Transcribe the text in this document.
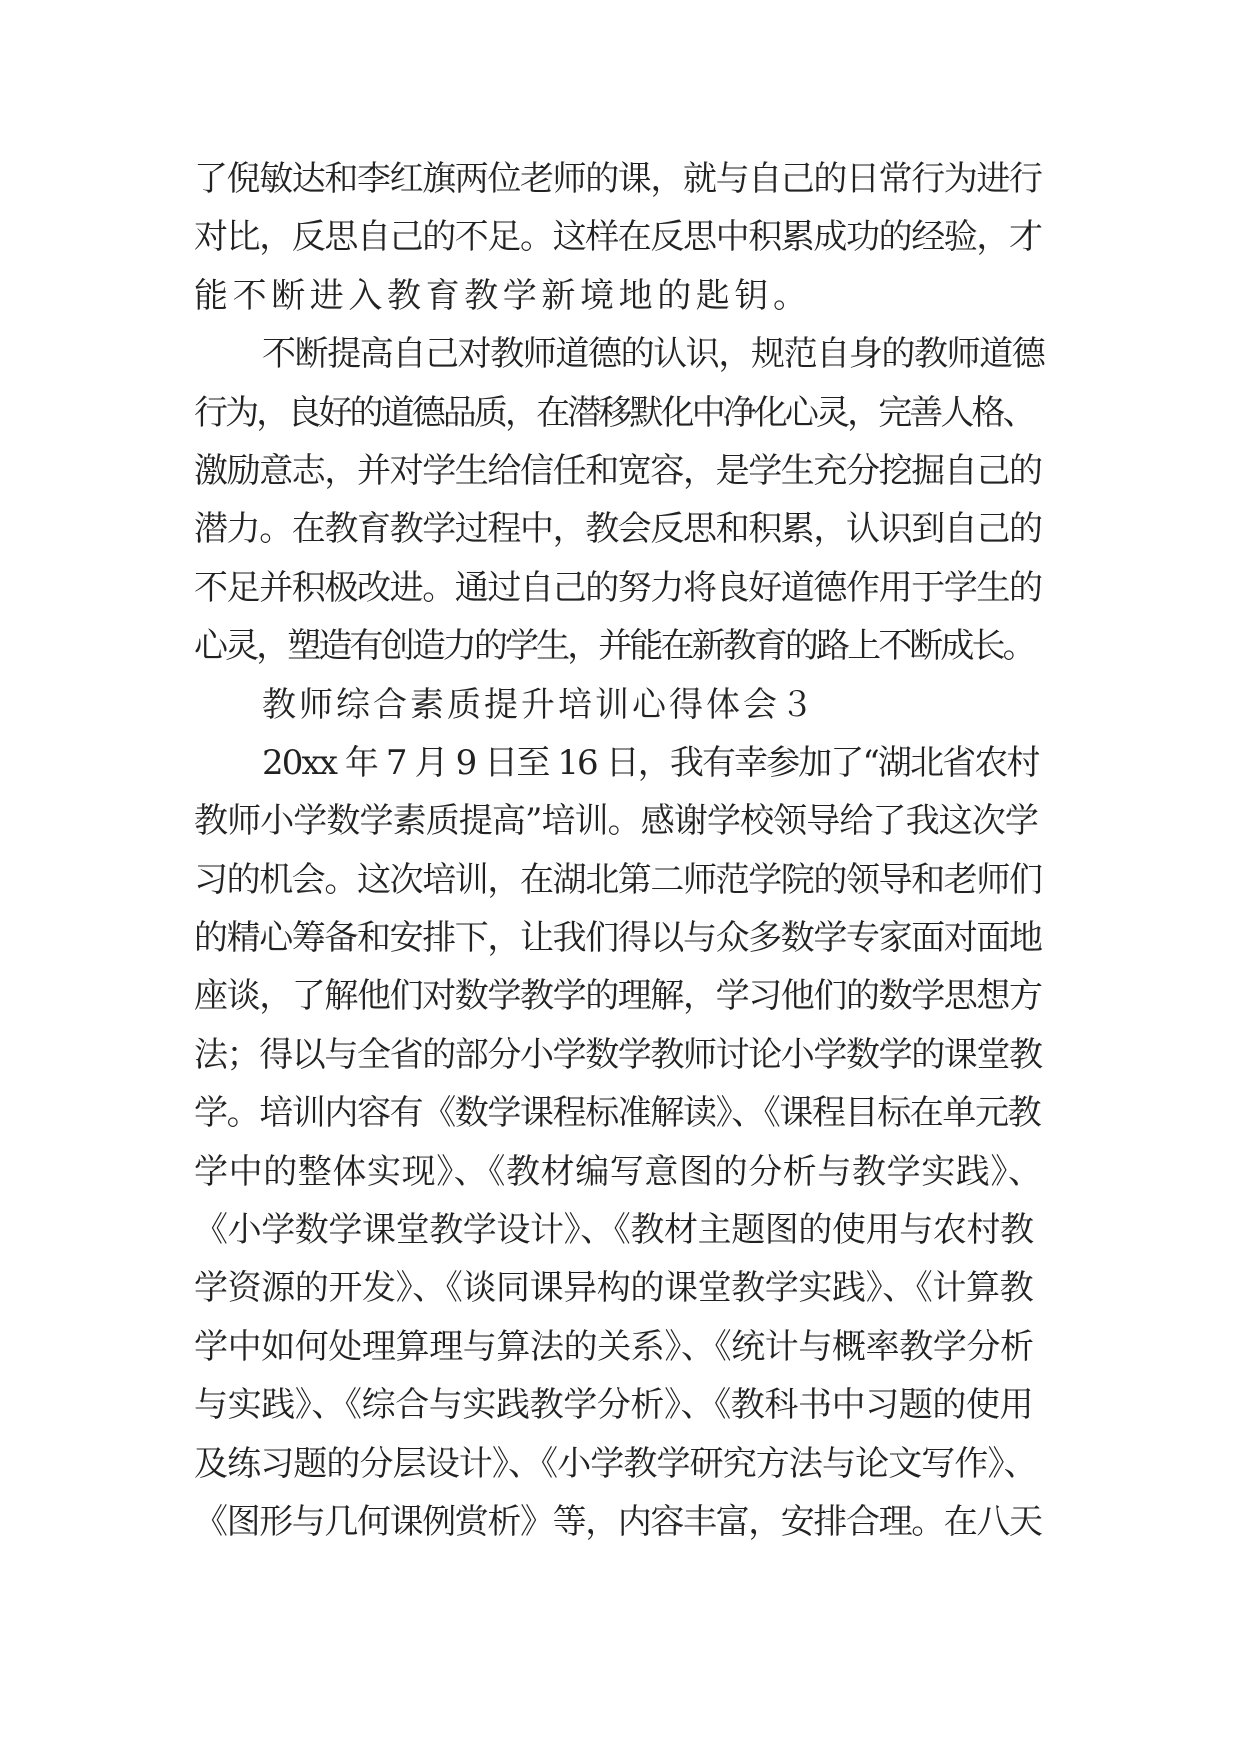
了倪敏达和李红旗两位老师的课，就与自己的日常行为进行
对比，反思自己的不足。这样在反思中积累成功的经验，才
能不断进入教育教学新境地的匙钥。
不断提高自己对教师道德的认识，规范自身的教师道德
行为，良好的道德品质，在潜移默化中净化心灵，完善人格、
激励意志，并对学生给信任和宽容，是学生充分挖掘自己的
潜力。在教育教学过程中，教会反思和积累，认识到自己的
不足并积极改进。通过自己的努力将良好道德作用于学生的
心灵，塑造有创造力的学生，并能在新教育的路上不断成长。
教师综合素质提升培训心得体会３
20xx 年 7 月 9 日至 16 日，我有幸参加了“湖北省农村
教师小学数学素质提高”培训。感谢学校领导给了我这次学
习的机会。这次培训，在湖北第二师范学院的领导和老师们
的精心筹备和安排下，让我们得以与众多数学专家面对面地
座谈，了解他们对数学教学的理解，学习他们的数学思想方
法；得以与全省的部分小学数学教师讨论小学数学的课堂教
学。培训内容有《数学课程标准解读》、《课程目标在单元教
学中的整体实现》、《教材编写意图的分析与教学实践》、
《小学数学课堂教学设计》、《教材主题图的使用与农村教
学资源的开发》、《谈同课异构的课堂教学实践》、《计算教
学中如何处理算理与算法的关系》、《统计与概率教学分析
与实践》、《综合与实践教学分析》、《教科书中习题的使用
及练习题的分层设计》、《小学教学研究方法与论文写作》、
《图形与几何课例赏析》等，内容丰富，安排合理。在八天
